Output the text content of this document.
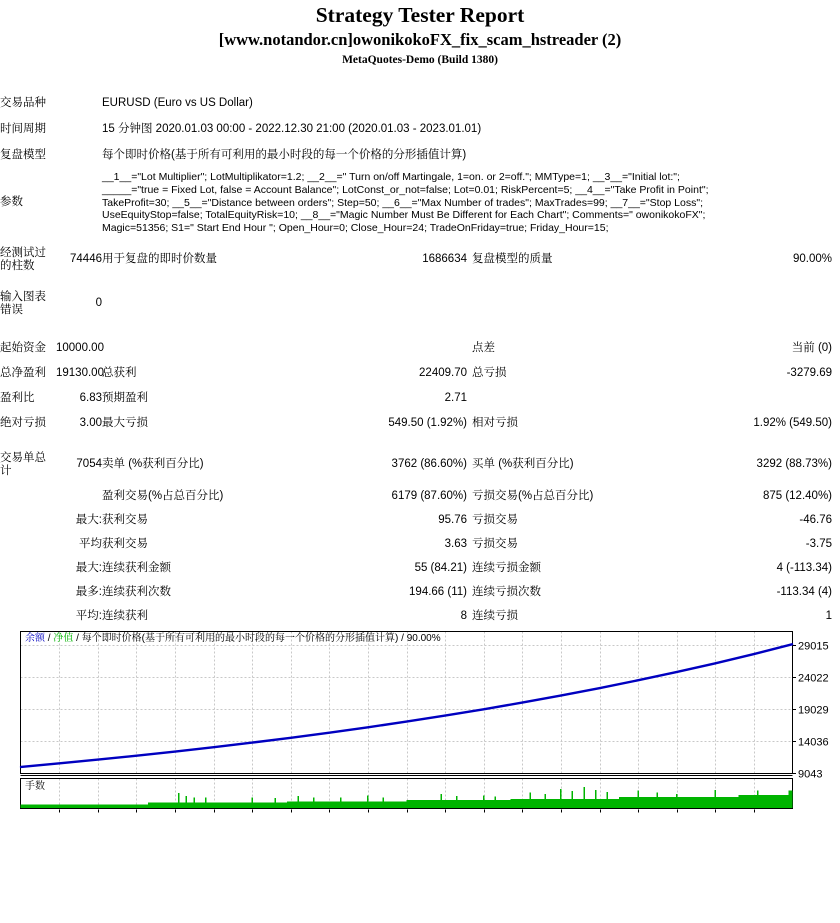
Strategy Tester Report
[www.notandor.cn]owonikokoFX_fix_scam_hstreader (2)
MetaQuotes-Demo (Build 1380)
交易品种		EURUSD (Euro vs US Dollar)			
时间周期		15 分钟图 2020.01.03 00:00 - 2022.12.30 21:00 (2020.01.03 - 2023.01.01)			
复盘模型		每个即时价格(基于所有可利用的最小时段的每一个价格的分形插值计算)			
参数		__1__="Lot Multiplier"; LotMultiplikator=1.2; __2__=" Turn on/off Martingale, 1=on. or 2=off."; MMType=1; __3__="Initial lot:";
_____="true = Fixed Lot, false = Account Balance"; LotConst_or_not=false; Lot=0.01; RiskPercent=5; __4__="Take Profit in Point";
TakeProfit=30; __5__="Distance between orders"; Step=50; __6__="Max Number of trades"; MaxTrades=99; __7__="Stop Loss";
UseEquityStop=false; TotalEquityRisk=10; __8__="Magic Number Must Be Different for Each Chart"; Comments=" owonikokoFX";
Magic=51356; S1=" Start End Hour "; Open_Hour=0; Close_Hour=24; TradeOnFriday=true; Friday_Hour=15;			

经测试过的柱数	74446	用于复盘的即时价数量	1686634	复盘模型的质量	90.00%
输入图表错误	0				
起始资金	10000.00			点差	当前 (0)
总净盈利	19130.00	总获利	22409.70	总亏损	-3279.69
盈利比	6.83	预期盈利	2.71		
绝对亏损	3.00	最大亏损	549.50 (1.92%)	相对亏损	1.92% (549.50)
交易单总计	7054	卖单 (%获利百分比)	3762 (86.60%)	买单 (%获利百分比)	3292 (88.73%)
		盈利交易(%占总百分比)	6179 (87.60%)	亏损交易(%占总百分比)	875 (12.40%)
	最大:	获利交易	95.76	亏损交易	-46.76
	平均	获利交易	3.63	亏损交易	-3.75
	最大:	连续获利金额	55 (84.21)	连续亏损金额	4 (-113.34)
	最多:	连续获利次数	194.66 (11)	连续亏损次数	-113.34 (4)
	平均:	连续获利	8	连续亏损	1
29015
24022
19029
14036
9043
余额 / 净值 / 每个即时价格(基于所有可利用的最小时段的每一个价格的分形插值计算) / 90.00%
手数
